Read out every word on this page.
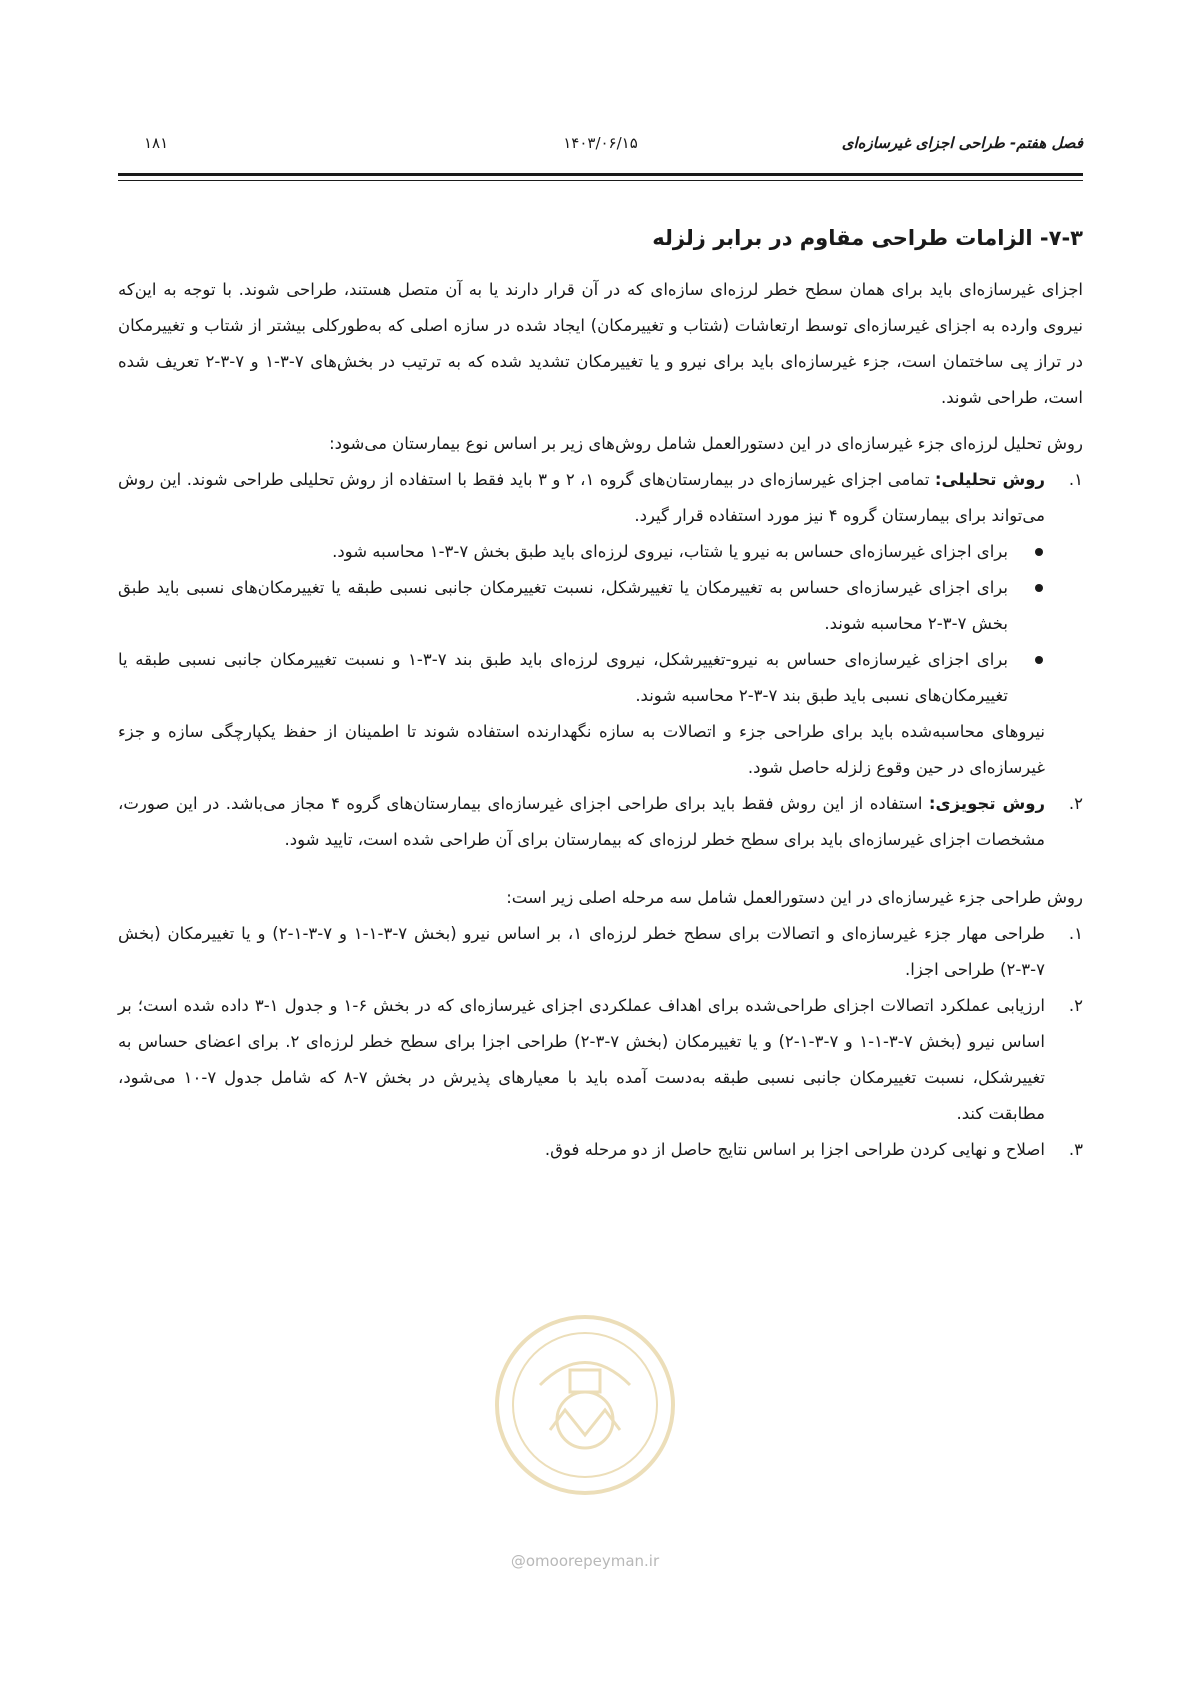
فصل هفتم- طراحی اجزای غیرسازه‌ای
۱۴۰۳/۰۶/۱۵
۱۸۱
۷-۳- الزامات طراحی مقاوم در برابر زلزله

اجزای غیرسازه‌ای باید برای همان سطح خطر لرزه‌ای سازه‌ای که در آن قرار دارند یا به آن متصل هستند، طراحی شوند. با توجه به این‌که نیروی وارده به اجزای غیرسازه‌ای توسط ارتعاشات (شتاب و تغییرمکان) ایجاد شده در سازه اصلی که به‌طورکلی بیشتر از شتاب و تغییرمکان در تراز پی ساختمان است، جزء غیرسازه‌ای باید برای نیرو و یا تغییرمکان تشدید شده که به ترتیب در بخش‌های ۷-۳-۱ و ۷-۳-۲ تعریف شده است، طراحی شوند.

روش تحلیل لرزه‌ای جزء غیرسازه‌ای در این دستورالعمل شامل روش‌های زیر بر اساس نوع بیمارستان می‌شود:

۱.
روش تحلیلی: تمامی اجزای غیرسازه‌ای در بیمارستان‌های گروه ۱، ۲ و ۳ باید فقط با استفاده از روش تحلیلی طراحی شوند. این روش می‌تواند برای بیمارستان گروه ۴ نیز مورد استفاده قرار گیرد.
برای اجزای غیرسازه‌ای حساس به نیرو یا شتاب، نیروی لرزه‌ای باید طبق بخش ۷-۳-۱ محاسبه شود.
برای اجزای غیرسازه‌ای حساس به تغییرمکان یا تغییرشکل، نسبت تغییرمکان جانبی نسبی طبقه یا تغییرمکان‌های نسبی باید طبق بخش ۷-۳-۲ محاسبه شوند.
برای اجزای غیرسازه‌ای حساس به نیرو-تغییرشکل، نیروی لرزه‌ای باید طبق بند ۷-۳-۱ و نسبت تغییرمکان جانبی نسبی طبقه یا تغییرمکان‌های نسبی باید طبق بند ۷-۳-۲ محاسبه شوند.

نیروهای محاسبه‌شده باید برای طراحی جزء و اتصالات به سازه نگهدارنده استفاده شوند تا اطمینان از حفظ یکپارچگی سازه و جزء غیرسازه‌ای در حین وقوع زلزله حاصل شود.

۲.
روش تجویزی: استفاده از این روش فقط باید برای طراحی اجزای غیرسازه‌ای بیمارستان‌های گروه ۴ مجاز می‌باشد. در این صورت، مشخصات اجزای غیرسازه‌ای باید برای سطح خطر لرزه‌ای که بیمارستان برای آن طراحی شده است، تایید شود.

روش طراحی جزء غیرسازه‌ای در این دستورالعمل شامل سه مرحله اصلی زیر است:

۱.
طراحی مهار جزء غیرسازه‌ای و اتصالات برای سطح خطر لرزه‌ای ۱، بر اساس نیرو (بخش ۷-۳-۱-۱ و ۷-۳-۱-۲) و یا تغییرمکان (بخش ۷-۳-۲) طراحی اجزا.
۲.
ارزیابی عملکرد اتصالات اجزای طراحی‌شده برای اهداف عملکردی اجزای غیرسازه‌ای که در بخش ۶-۱ و جدول ۱-۳ داده شده است؛ بر اساس نیرو (بخش ۷-۳-۱-۱ و ۷-۳-۱-۲) و یا تغییرمکان (بخش ۷-۳-۲) طراحی اجزا برای سطح خطر لرزه‌ای ۲. برای اعضای حساس به تغییرشکل، نسبت تغییرمکان جانبی نسبی طبقه به‌دست آمده باید با معیارهای پذیرش در بخش ۷-۸ که شامل جدول ۷-۱۰ می‌شود، مطابقت کند.
۳.
اصلاح و نهایی کردن طراحی اجزا بر اساس نتایج حاصل از دو مرحله فوق.
@omoorepeyman.ir
